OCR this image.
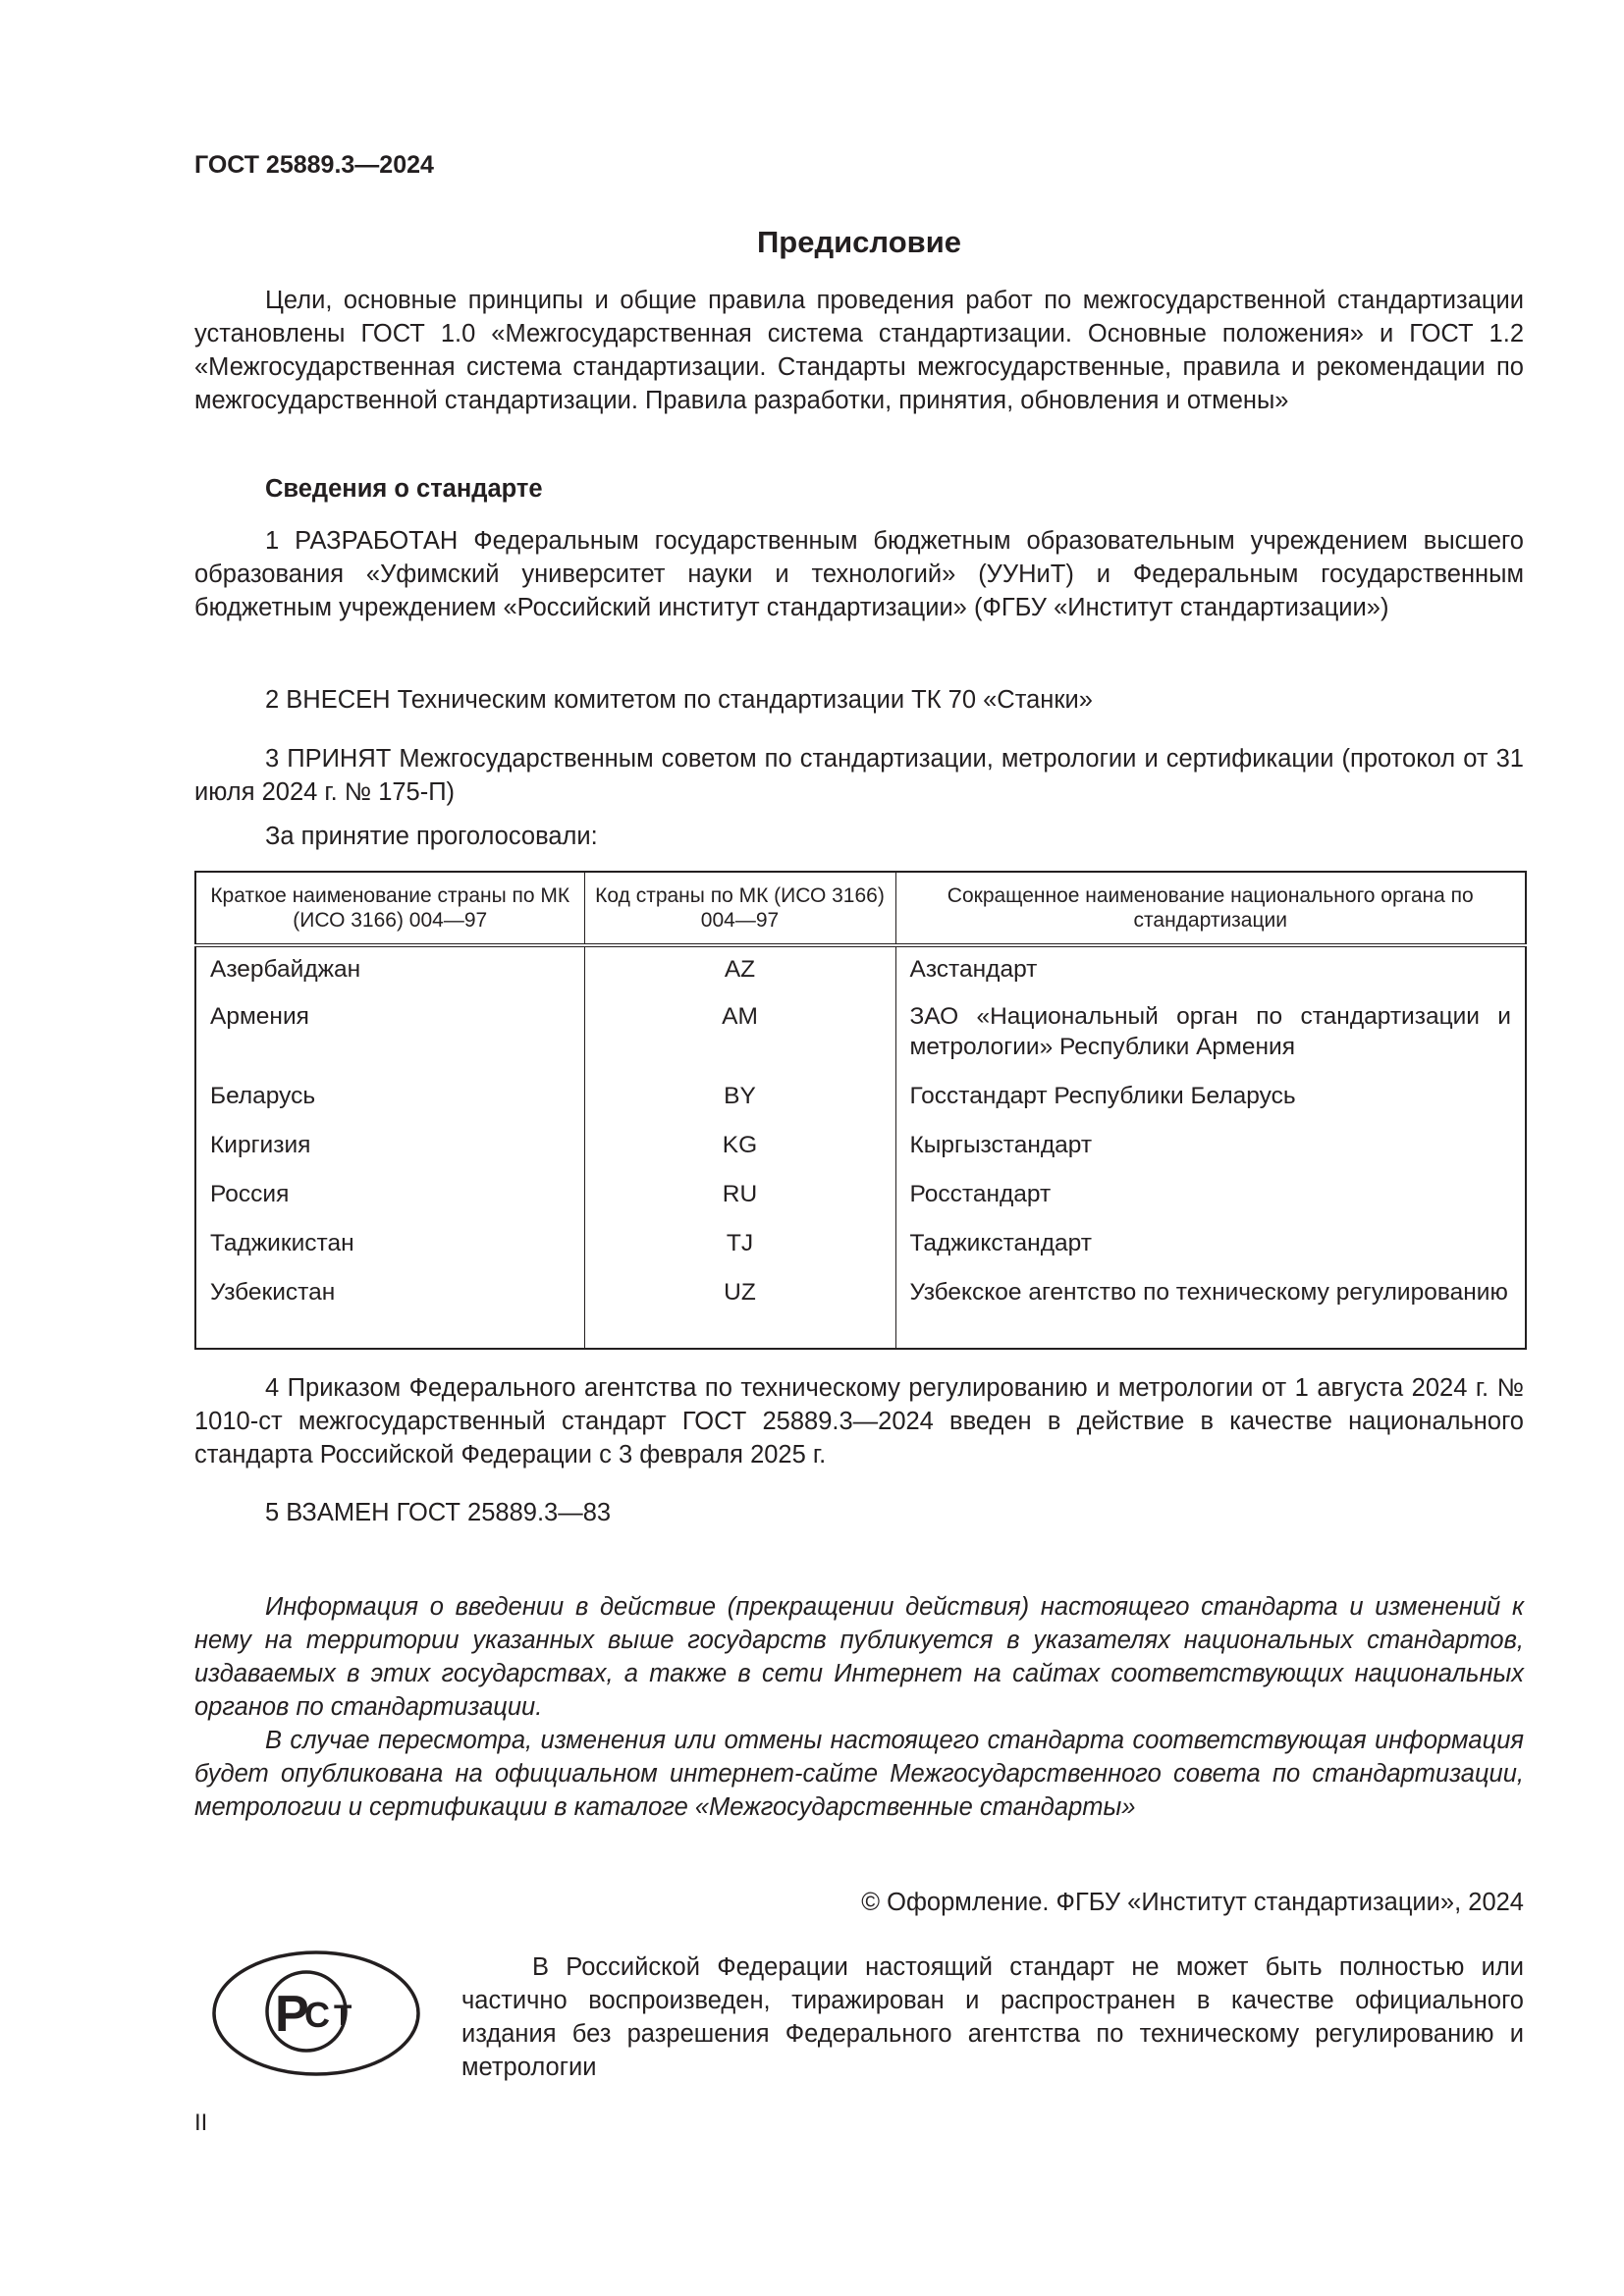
ГОСТ 25889.3—2024
Предисловие

Цели, основные принципы и общие правила проведения работ по межгосударственной стандартизации установлены ГОСТ 1.0 «Межгосударственная система стандартизации. Основные положения» и ГОСТ 1.2 «Межгосударственная система стандартизации. Стандарты межгосударственные, правила и рекомендации по межгосударственной стандартизации. Правила разработки, принятия, обновления и отмены»

Сведения о стандарте

1 РАЗРАБОТАН Федеральным государственным бюджетным образовательным учреждением высшего образования «Уфимский университет науки и технологий» (УУНиТ) и Федеральным государственным бюджетным учреждением «Российский институт стандартизации» (ФГБУ «Институт стандартизации»)

2 ВНЕСЕН Техническим комитетом по стандартизации ТК 70 «Станки»

3 ПРИНЯТ Межгосударственным советом по стандартизации, метрологии и сертификации (протокол от 31 июля 2024 г. № 175-П)

За принятие проголосовали:
Краткое наименование страны по МК (ИСО 3166) 004—97	Код страны по МК (ИСО 3166) 004—97	Сокращенное наименование национального органа по стандартизации
Азербайджан	AZ	Азстандарт
Армения	AM	ЗАО «Национальный орган по стандартизации и метрологии» Республики Армения
Беларусь	BY	Госстандарт Республики Беларусь
Киргизия	KG	Кыргызстандарт
Россия	RU	Росстандарт
Таджикистан	TJ	Таджикстандарт
Узбекистан	UZ	Узбекское агентство по техническому регулированию

4 Приказом Федерального агентства по техническому регулированию и метрологии от 1 августа 2024 г. № 1010-ст межгосударственный стандарт ГОСТ 25889.3—2024 введен в действие в качестве национального стандарта Российской Федерации с 3 февраля 2025 г.

5 ВЗАМЕН ГОСТ 25889.3—83

Информация о введении в действие (прекращении действия) настоящего стандарта и изменений к нему на территории указанных выше государств публикуется в указателях национальных стандартов, издаваемых в этих государствах, а также в сети Интернет на сайтах соответствующих национальных органов по стандартизации.

В случае пересмотра, изменения или отмены настоящего стандарта соответствующая информация будет опубликована на официальном интернет-сайте Межгосударственного совета по стандартизации, метрологии и сертификации в каталоге «Межгосударственные стандарты»

© Оформление. ФГБУ «Институт стандартизации», 2024
Р
С Т

В Российской Федерации настоящий стандарт не может быть полностью или частично воспроизведен, тиражирован и распространен в качестве официального издания без разрешения Федерального агентства по техническому регулированию и метрологии

II
